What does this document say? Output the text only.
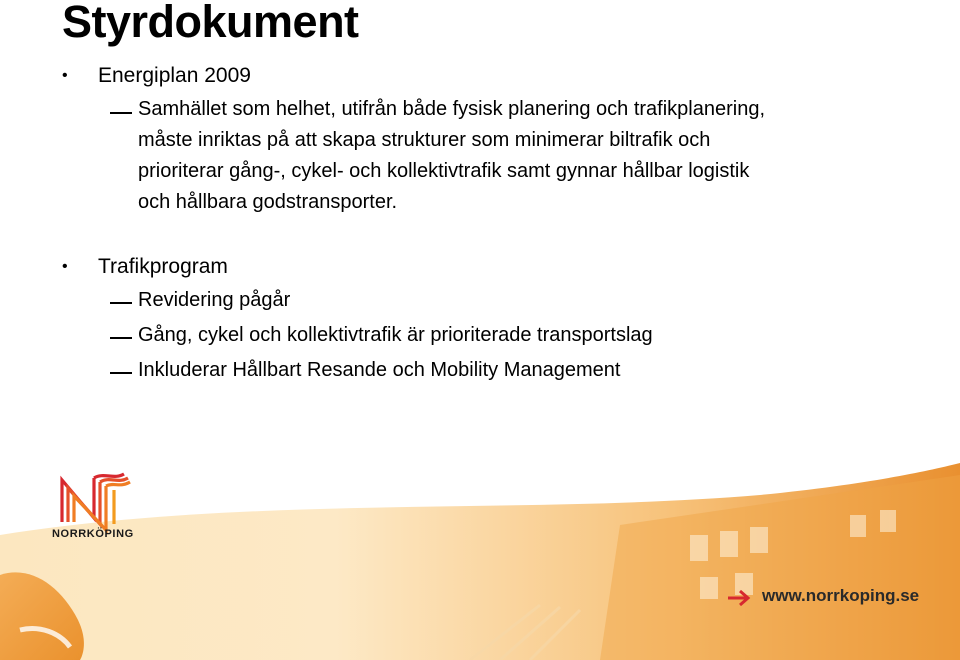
Styrdokument
• Energiplan 2009
Samhället som helhet, utifrån både fysisk planering och trafikplanering,
måste inriktas på att skapa strukturer som minimerar biltrafik och
prioriterar gång-, cykel- och kollektivtrafik samt gynnar hållbar logistik
och hållbara godstransporter.
• Trafikprogram
Revidering pågår
Gång, cykel och kollektivtrafik är prioriterade transportslag
Inkluderar Hållbart Resande och Mobility Management
NORRKÖPING
www.norrkoping.se
